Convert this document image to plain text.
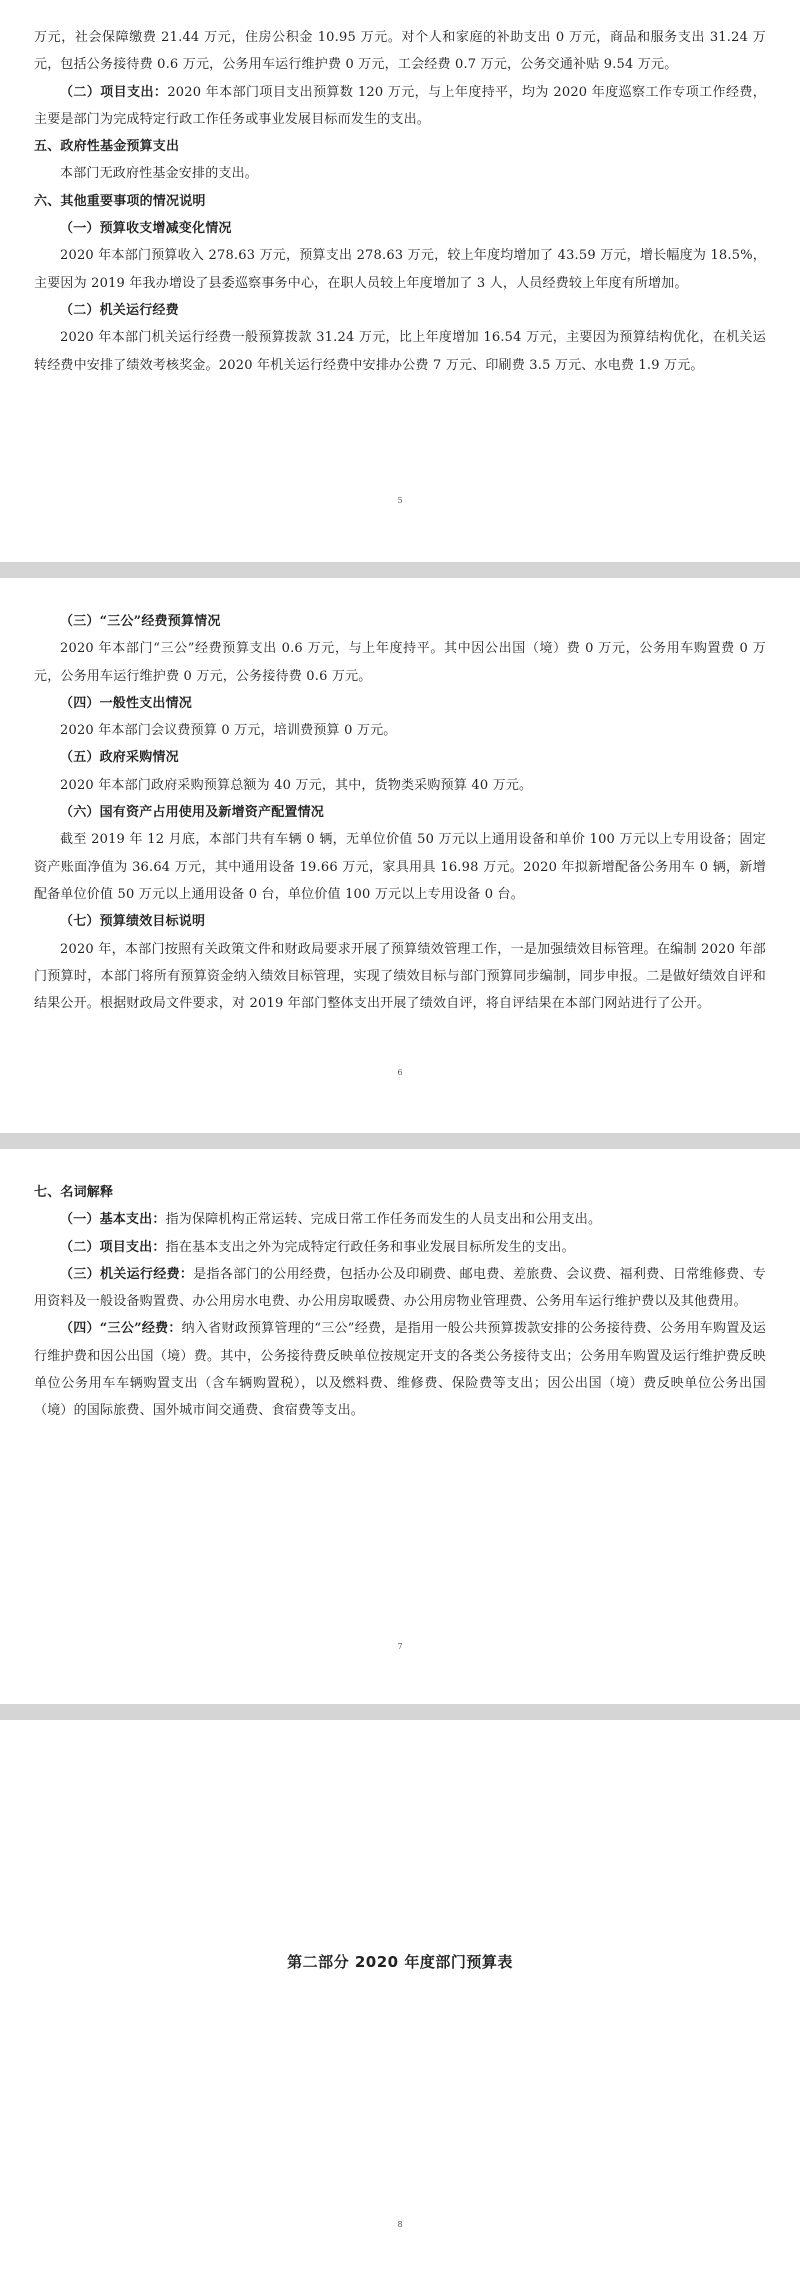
万元，社会保障缴费 21.44 万元，住房公积金 10.95 万元。对个人和家庭的补助支出 0 万元，商品和服务支出 31.24 万元，包括公务接待费 0.6 万元，公务用车运行维护费 0 万元，工会经费 0.7 万元，公务交通补贴 9.54 万元。

（二）项目支出：2020 年本部门项目支出预算数 120 万元，与上年度持平，均为 2020 年度巡察工作专项工作经费，主要是部门为完成特定行政工作任务或事业发展目标而发生的支出。

五、政府性基金预算支出

本部门无政府性基金安排的支出。

六、其他重要事项的情况说明

（一）预算收支增减变化情况

2020 年本部门预算收入 278.63 万元，预算支出 278.63 万元，较上年度均增加了 43.59 万元，增长幅度为 18.5%，主要因为 2019 年我办增设了县委巡察事务中心，在职人员较上年度增加了 3 人，人员经费较上年度有所增加。

（二）机关运行经费

2020 年本部门机关运行经费一般预算拨款 31.24 万元，比上年度增加 16.54 万元，主要因为预算结构优化，在机关运转经费中安排了绩效考核奖金。2020 年机关运行经费中安排办公费 7 万元、印刷费 3.5 万元、水电费 1.9 万元。

5

（三）“三公”经费预算情况

2020 年本部门“三公”经费预算支出 0.6 万元，与上年度持平。其中因公出国（境）费 0 万元，公务用车购置费 0 万元，公务用车运行维护费 0 万元，公务接待费 0.6 万元。

（四）一般性支出情况

2020 年本部门会议费预算 0 万元，培训费预算 0 万元。

（五）政府采购情况

2020 年本部门政府采购预算总额为 40 万元，其中，货物类采购预算 40 万元。

（六）国有资产占用使用及新增资产配置情况

截至 2019 年 12 月底，本部门共有车辆 0 辆，无单位价值 50 万元以上通用设备和单价 100 万元以上专用设备；固定资产账面净值为 36.64 万元，其中通用设备 19.66 万元，家具用具 16.98 万元。2020 年拟新增配备公务用车 0 辆，新增配备单位价值 50 万元以上通用设备 0 台，单位价值 100 万元以上专用设备 0 台。

（七）预算绩效目标说明

2020 年，本部门按照有关政策文件和财政局要求开展了预算绩效管理工作，一是加强绩效目标管理。在编制 2020 年部门预算时，本部门将所有预算资金纳入绩效目标管理，实现了绩效目标与部门预算同步编制，同步申报。二是做好绩效自评和结果公开。根据财政局文件要求，对 2019 年部门整体支出开展了绩效自评，将自评结果在本部门网站进行了公开。

6

七、名词解释

（一）基本支出：指为保障机构正常运转、完成日常工作任务而发生的人员支出和公用支出。

（二）项目支出：指在基本支出之外为完成特定行政任务和事业发展目标所发生的支出。

（三）机关运行经费：是指各部门的公用经费，包括办公及印刷费、邮电费、差旅费、会议费、福利费、日常维修费、专用资料及一般设备购置费、办公用房水电费、办公用房取暖费、办公用房物业管理费、公务用车运行维护费以及其他费用。

（四）“三公”经费：纳入省财政预算管理的“三公”经费，是指用一般公共预算拨款安排的公务接待费、公务用车购置及运行维护费和因公出国（境）费。其中，公务接待费反映单位按规定开支的各类公务接待支出；公务用车购置及运行维护费反映单位公务用车车辆购置支出（含车辆购置税），以及燃料费、维修费、保险费等支出；因公出国（境）费反映单位公务出国（境）的国际旅费、国外城市间交通费、食宿费等支出。

7
第二部分 2020 年度部门预算表
8
